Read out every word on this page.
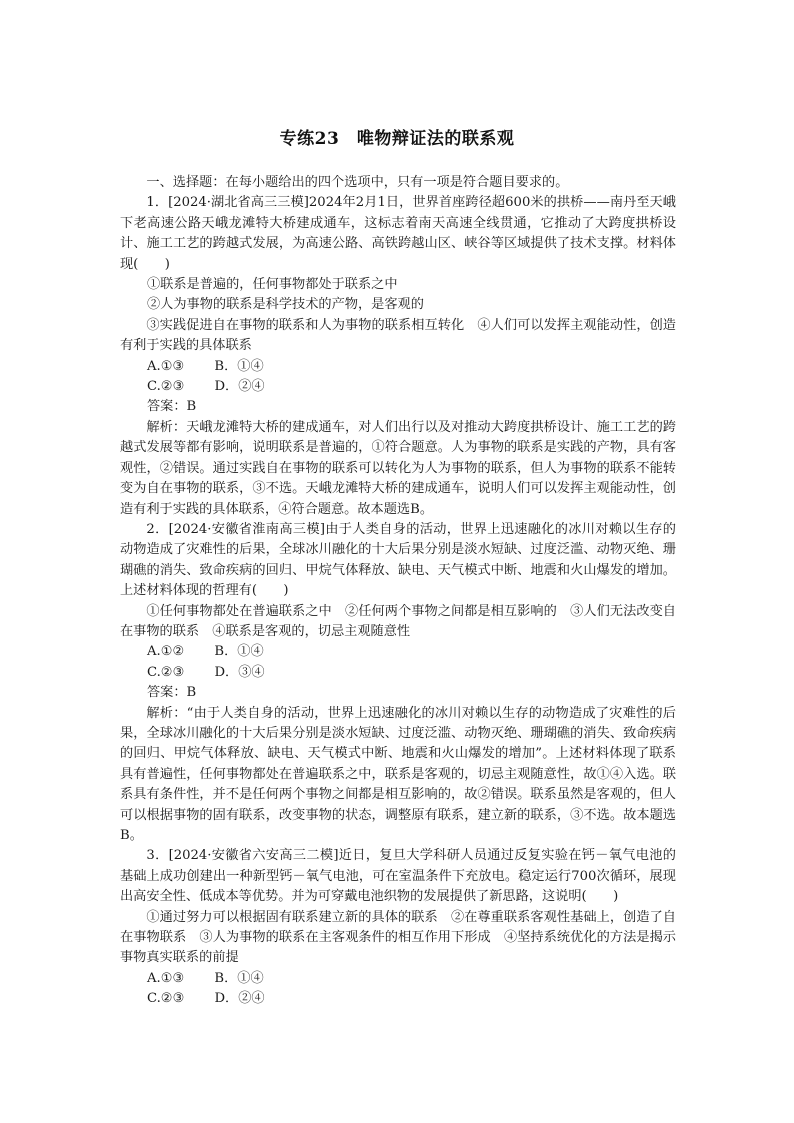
专练23　唯物辩证法的联系观

一、选择题：在每小题给出的四个选项中，只有一项是符合题目要求的。

1．[2024·湖北省高三三模]2024年2月1日，世界首座跨径超600米的拱桥——南丹至天峨下老高速公路天峨龙滩特大桥建成通车，这标志着南天高速全线贯通，它推动了大跨度拱桥设计、施工工艺的跨越式发展，为高速公路、高铁跨越山区、峡谷等区域提供了技术支撑。材料体现(　　)

①联系是普遍的，任何事物都处于联系之中

②人为事物的联系是科学技术的产物，是客观的

③实践促进自在事物的联系和人为事物的联系相互转化　④人们可以发挥主观能动性，创造有利于实践的具体联系

A.①③ B．①④

C.②③ D．②④

答案：B

解析：天峨龙滩特大桥的建成通车，对人们出行以及对推动大跨度拱桥设计、施工工艺的跨越式发展等都有影响，说明联系是普遍的，①符合题意。人为事物的联系是实践的产物，具有客观性，②错误。通过实践自在事物的联系可以转化为人为事物的联系，但人为事物的联系不能转变为自在事物的联系，③不选。天峨龙滩特大桥的建成通车，说明人们可以发挥主观能动性，创造有利于实践的具体联系，④符合题意。故本题选B。

2．[2024·安徽省淮南高三模]由于人类自身的活动，世界上迅速融化的冰川对赖以生存的动物造成了灾难性的后果，全球冰川融化的十大后果分别是淡水短缺、过度泛滥、动物灭绝、珊瑚礁的消失、致命疾病的回归、甲烷气体释放、缺电、天气模式中断、地震和火山爆发的增加。上述材料体现的哲理有(　　)

①任何事物都处在普遍联系之中　②任何两个事物之间都是相互影响的　③人们无法改变自在事物的联系　④联系是客观的，切忌主观随意性

A.①② B．①④

C.②③ D．③④

答案：B

解析：“由于人类自身的活动，世界上迅速融化的冰川对赖以生存的动物造成了灾难性的后果，全球冰川融化的十大后果分别是淡水短缺、过度泛滥、动物灭绝、珊瑚礁的消失、致命疾病的回归、甲烷气体释放、缺电、天气模式中断、地震和火山爆发的增加”。上述材料体现了联系具有普遍性，任何事物都处在普遍联系之中，联系是客观的，切忌主观随意性，故①④入选。联系具有条件性，并不是任何两个事物之间都是相互影响的，故②错误。联系虽然是客观的，但人可以根据事物的固有联系，改变事物的状态，调整原有联系，建立新的联系，③不选。故本题选B。

3．[2024·安徽省六安高三二模]近日，复旦大学科研人员通过反复实验在钙－氧气电池的基础上成功创建出一种新型钙－氧气电池，可在室温条件下充放电。稳定运行700次循环，展现出高安全性、低成本等优势。并为可穿戴电池织物的发展提供了新思路，这说明(　　)

①通过努力可以根据固有联系建立新的具体的联系　②在尊重联系客观性基础上，创造了自在事物联系　③人为事物的联系在主客观条件的相互作用下形成　④坚持系统优化的方法是揭示事物真实联系的前提

A.①③ B．①④

C.②③ D．②④
